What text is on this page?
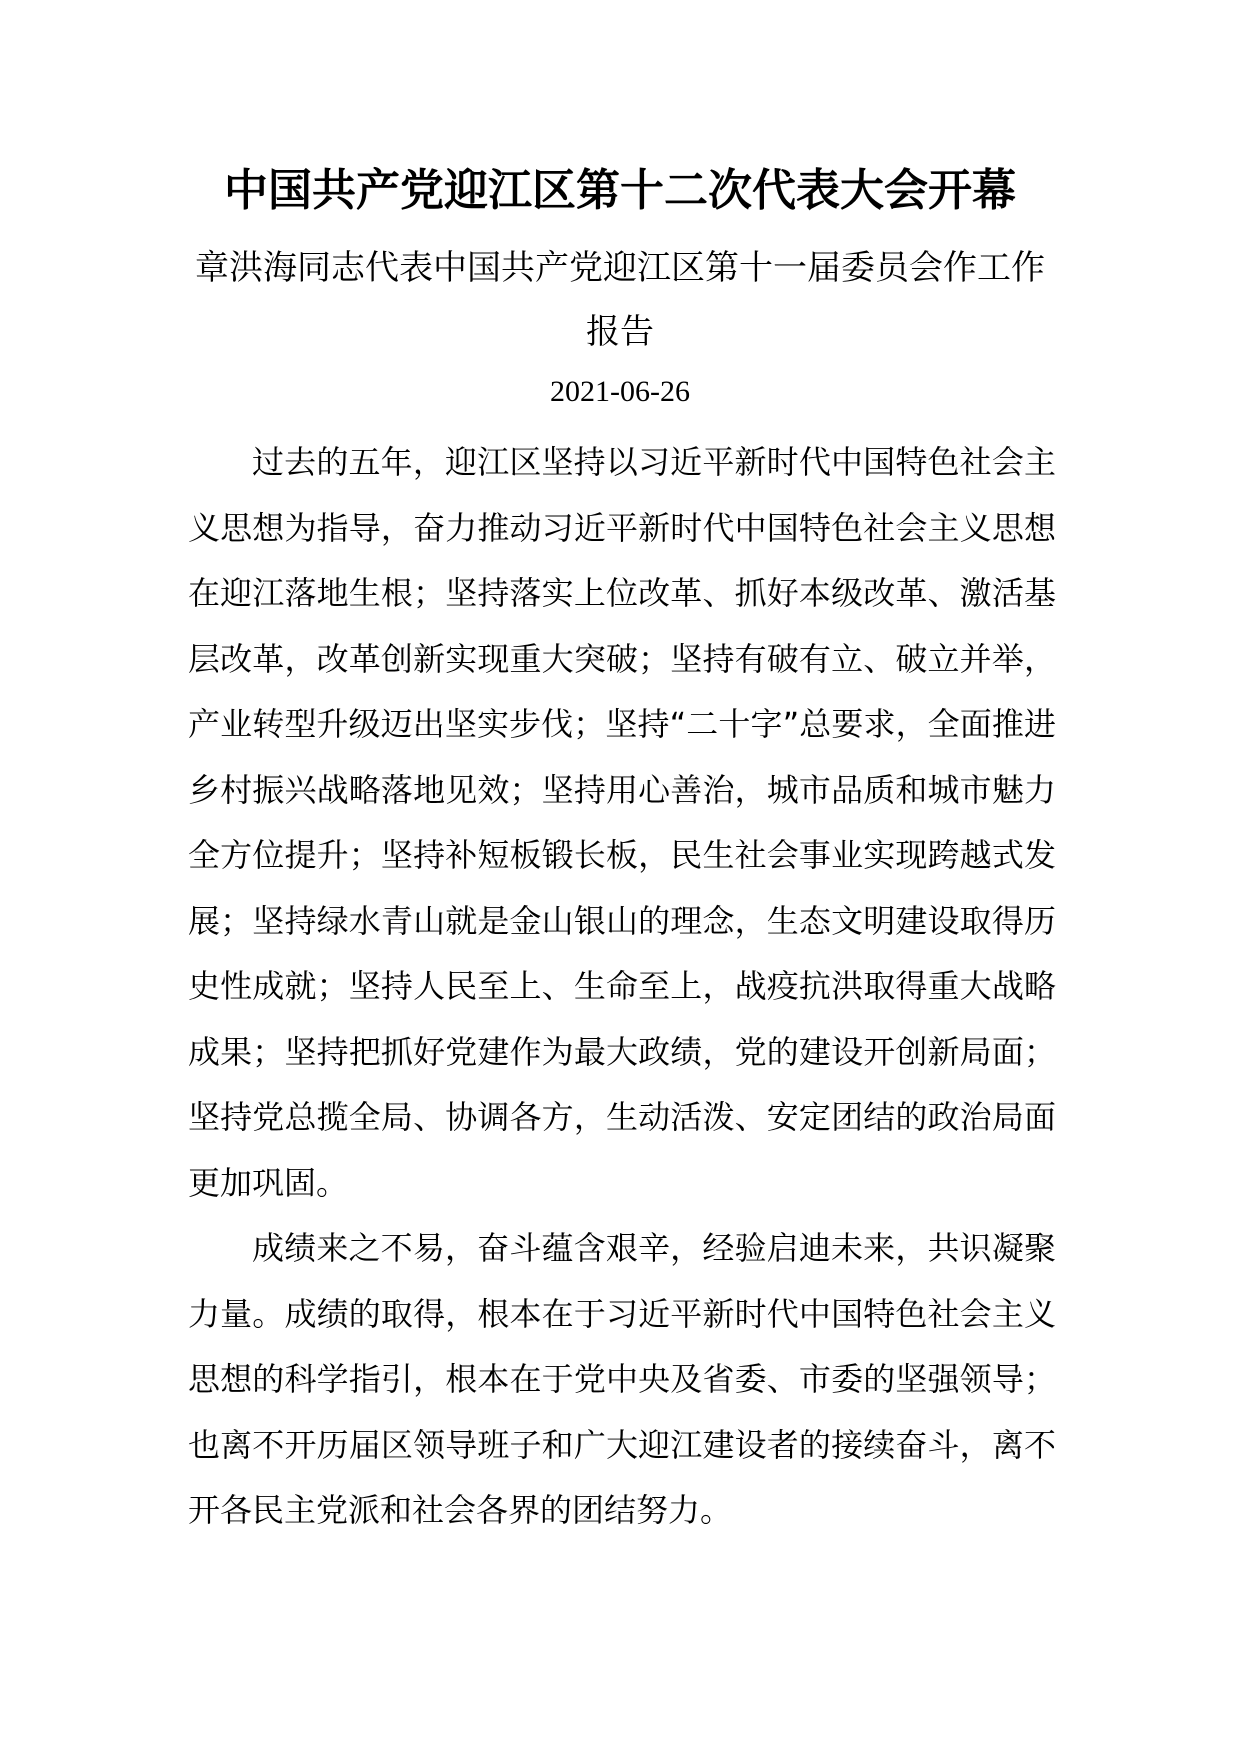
中国共产党迎江区第十二次代表大会开幕
章洪海同志代表中国共产党迎江区第十一届委员会作工作报告
2021-06-26

过去的五年，迎江区坚持以习近平新时代中国特色社会主义思想为指导，奋力推动习近平新时代中国特色社会主义思想在迎江落地生根；坚持落实上位改革、抓好本级改革、激活基层改革，改革创新实现重大突破；坚持有破有立、破立并举，产业转型升级迈出坚实步伐；坚持“二十字”总要求，全面推进乡村振兴战略落地见效；坚持用心善治，城市品质和城市魅力全方位提升；坚持补短板锻长板，民生社会事业实现跨越式发展；坚持绿水青山就是金山银山的理念，生态文明建设取得历史性成就；坚持人民至上、生命至上，战疫抗洪取得重大战略成果；坚持把抓好党建作为最大政绩，党的建设开创新局面；坚持党总揽全局、协调各方，生动活泼、安定团结的政治局面更加巩固。

成绩来之不易，奋斗蕴含艰辛，经验启迪未来，共识凝聚力量。成绩的取得，根本在于习近平新时代中国特色社会主义思想的科学指引，根本在于党中央及省委、市委的坚强领导；也离不开历届区领导班子和广大迎江建设者的接续奋斗，离不开各民主党派和社会各界的团结努力。
